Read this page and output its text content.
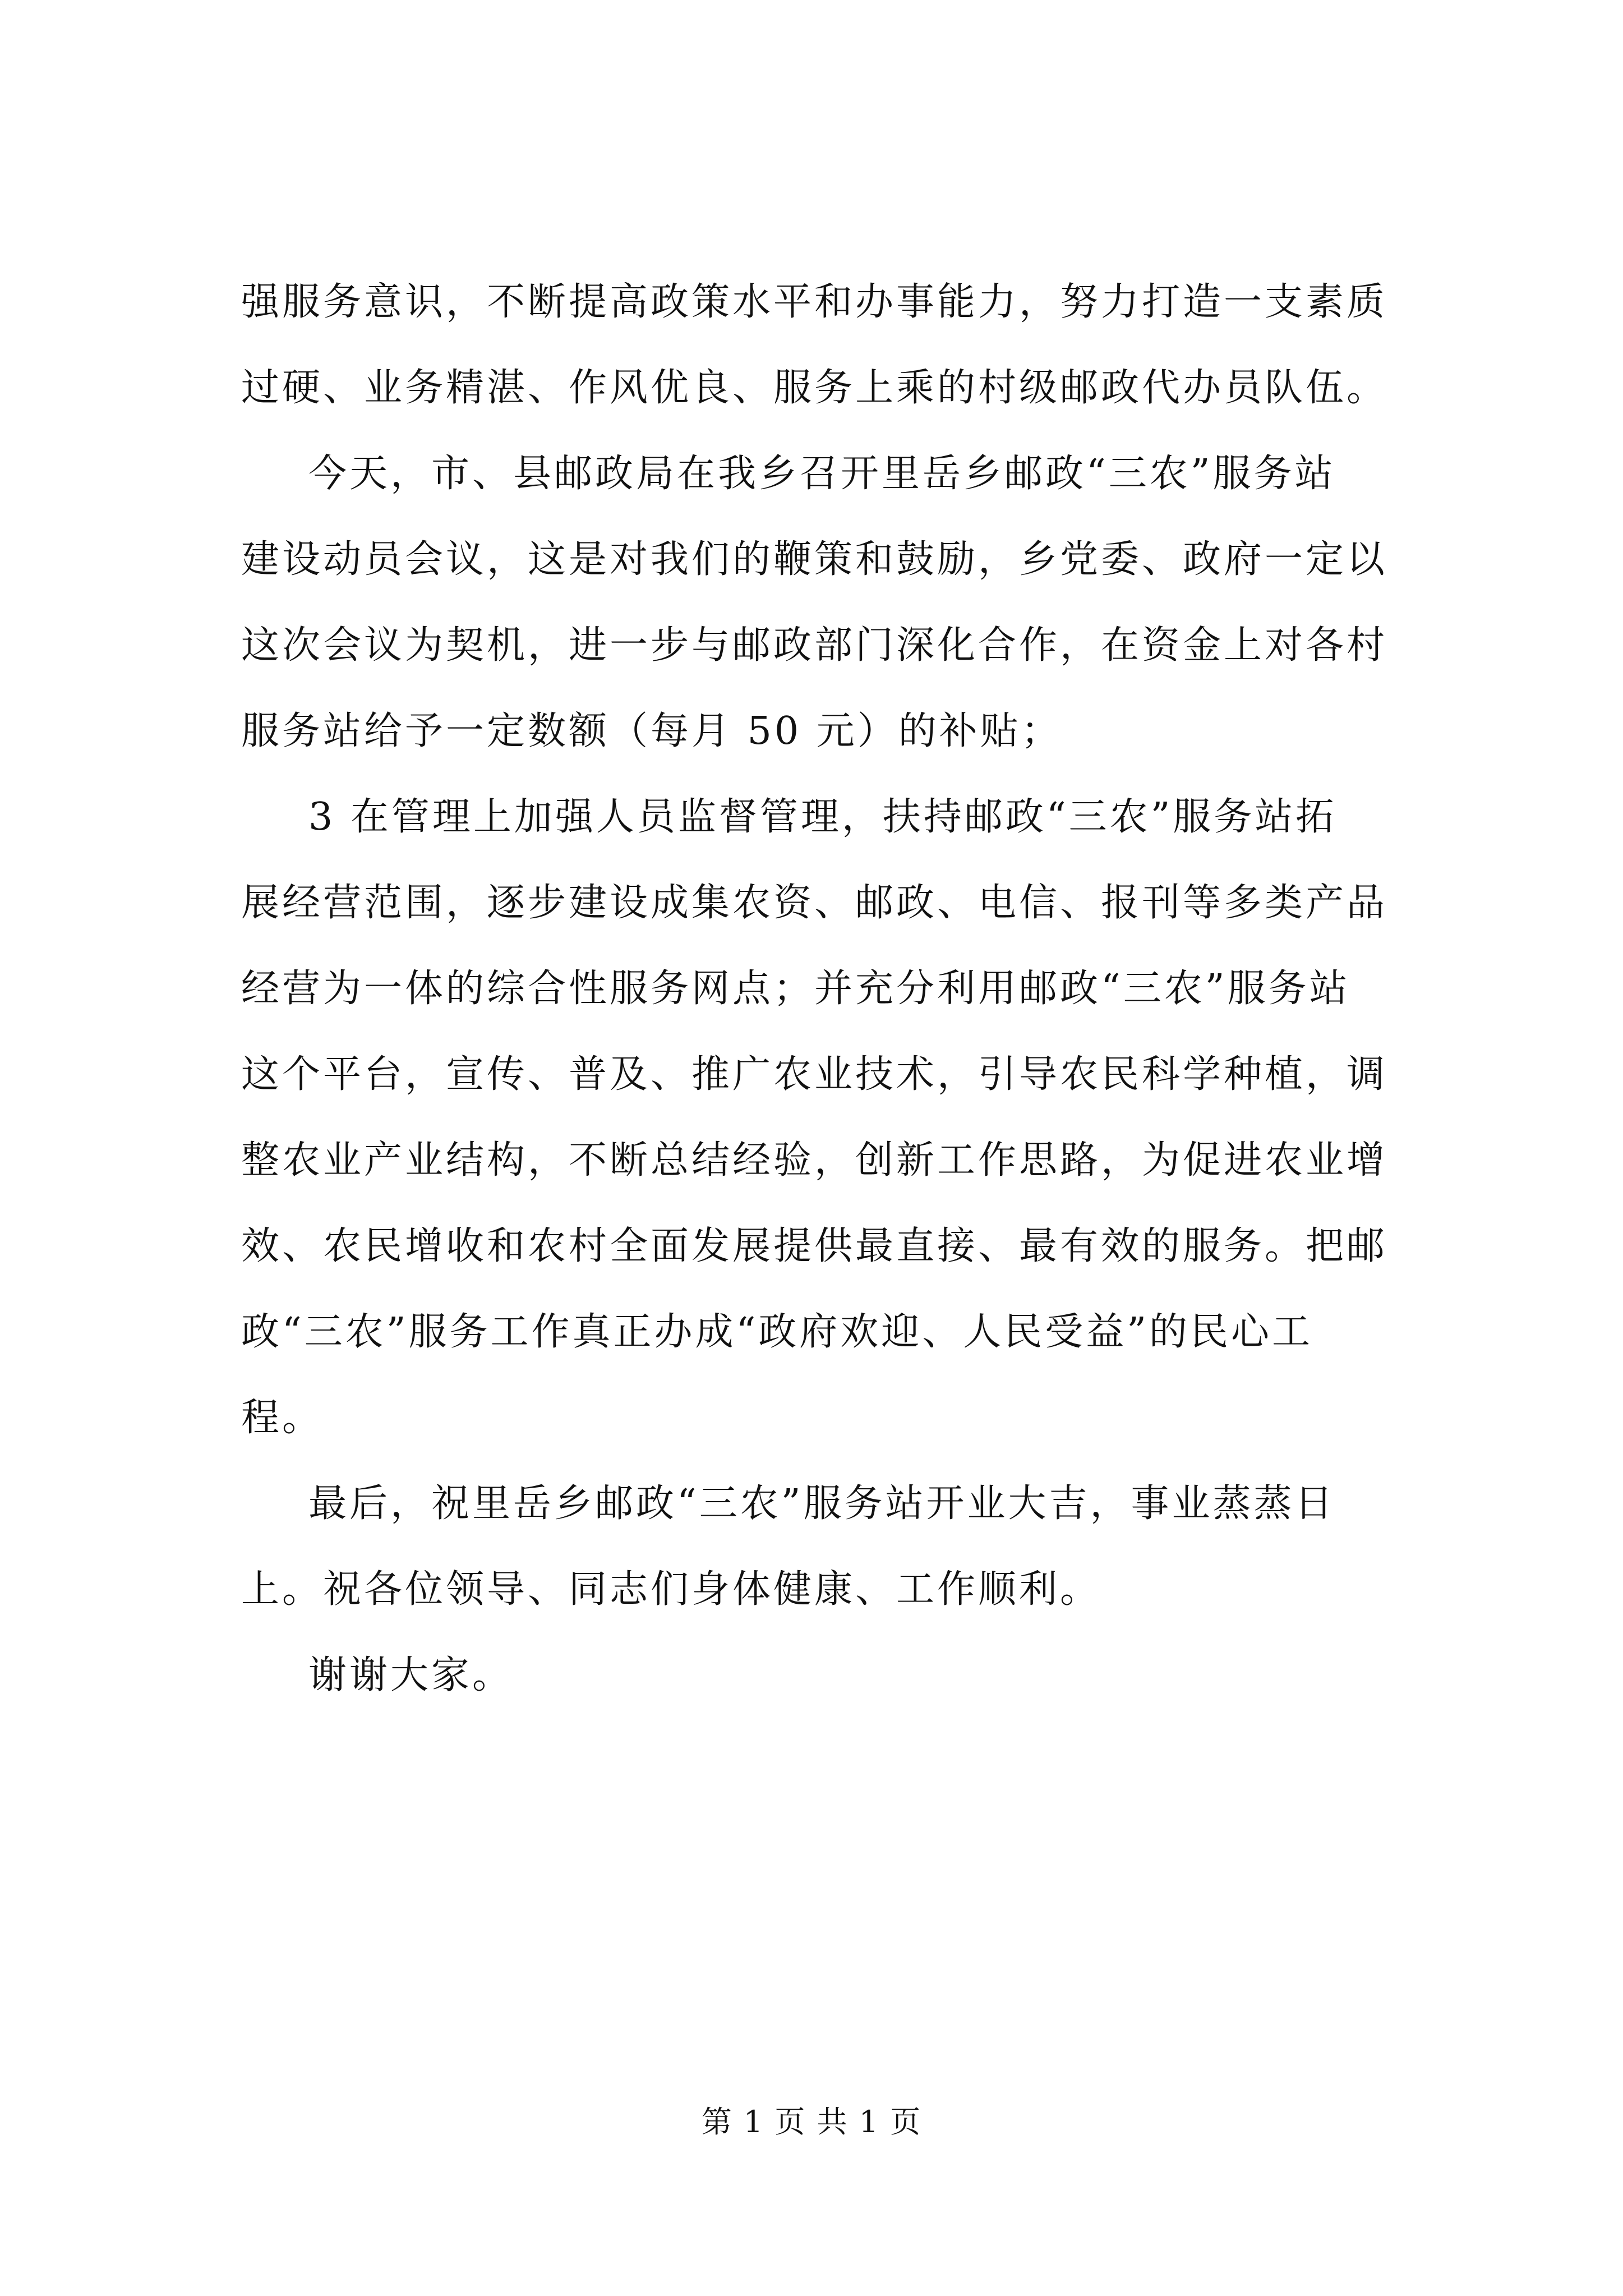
强服务意识，不断提高政策水平和办事能力，努力打造一支素质
过硬、业务精湛、作风优良、服务上乘的村级邮政代办员队伍。
今天，市、县邮政局在我乡召开里岳乡邮政“三农”服务站
建设动员会议，这是对我们的鞭策和鼓励，乡党委、政府一定以
这次会议为契机，进一步与邮政部门深化合作，在资金上对各村
服务站给予一定数额（每月 50 元）的补贴；
3 在管理上加强人员监督管理，扶持邮政“三农”服务站拓
展经营范围，逐步建设成集农资、邮政、电信、报刊等多类产品
经营为一体的综合性服务网点；并充分利用邮政“三农”服务站
这个平台，宣传、普及、推广农业技术，引导农民科学种植，调
整农业产业结构，不断总结经验，创新工作思路，为促进农业增
效、农民增收和农村全面发展提供最直接、最有效的服务。把邮
政“三农”服务工作真正办成“政府欢迎、人民受益”的民心工
程。
最后，祝里岳乡邮政“三农”服务站开业大吉，事业蒸蒸日
上。祝各位领导、同志们身体健康、工作顺利。
谢谢大家。
第 1 页 共 1 页
